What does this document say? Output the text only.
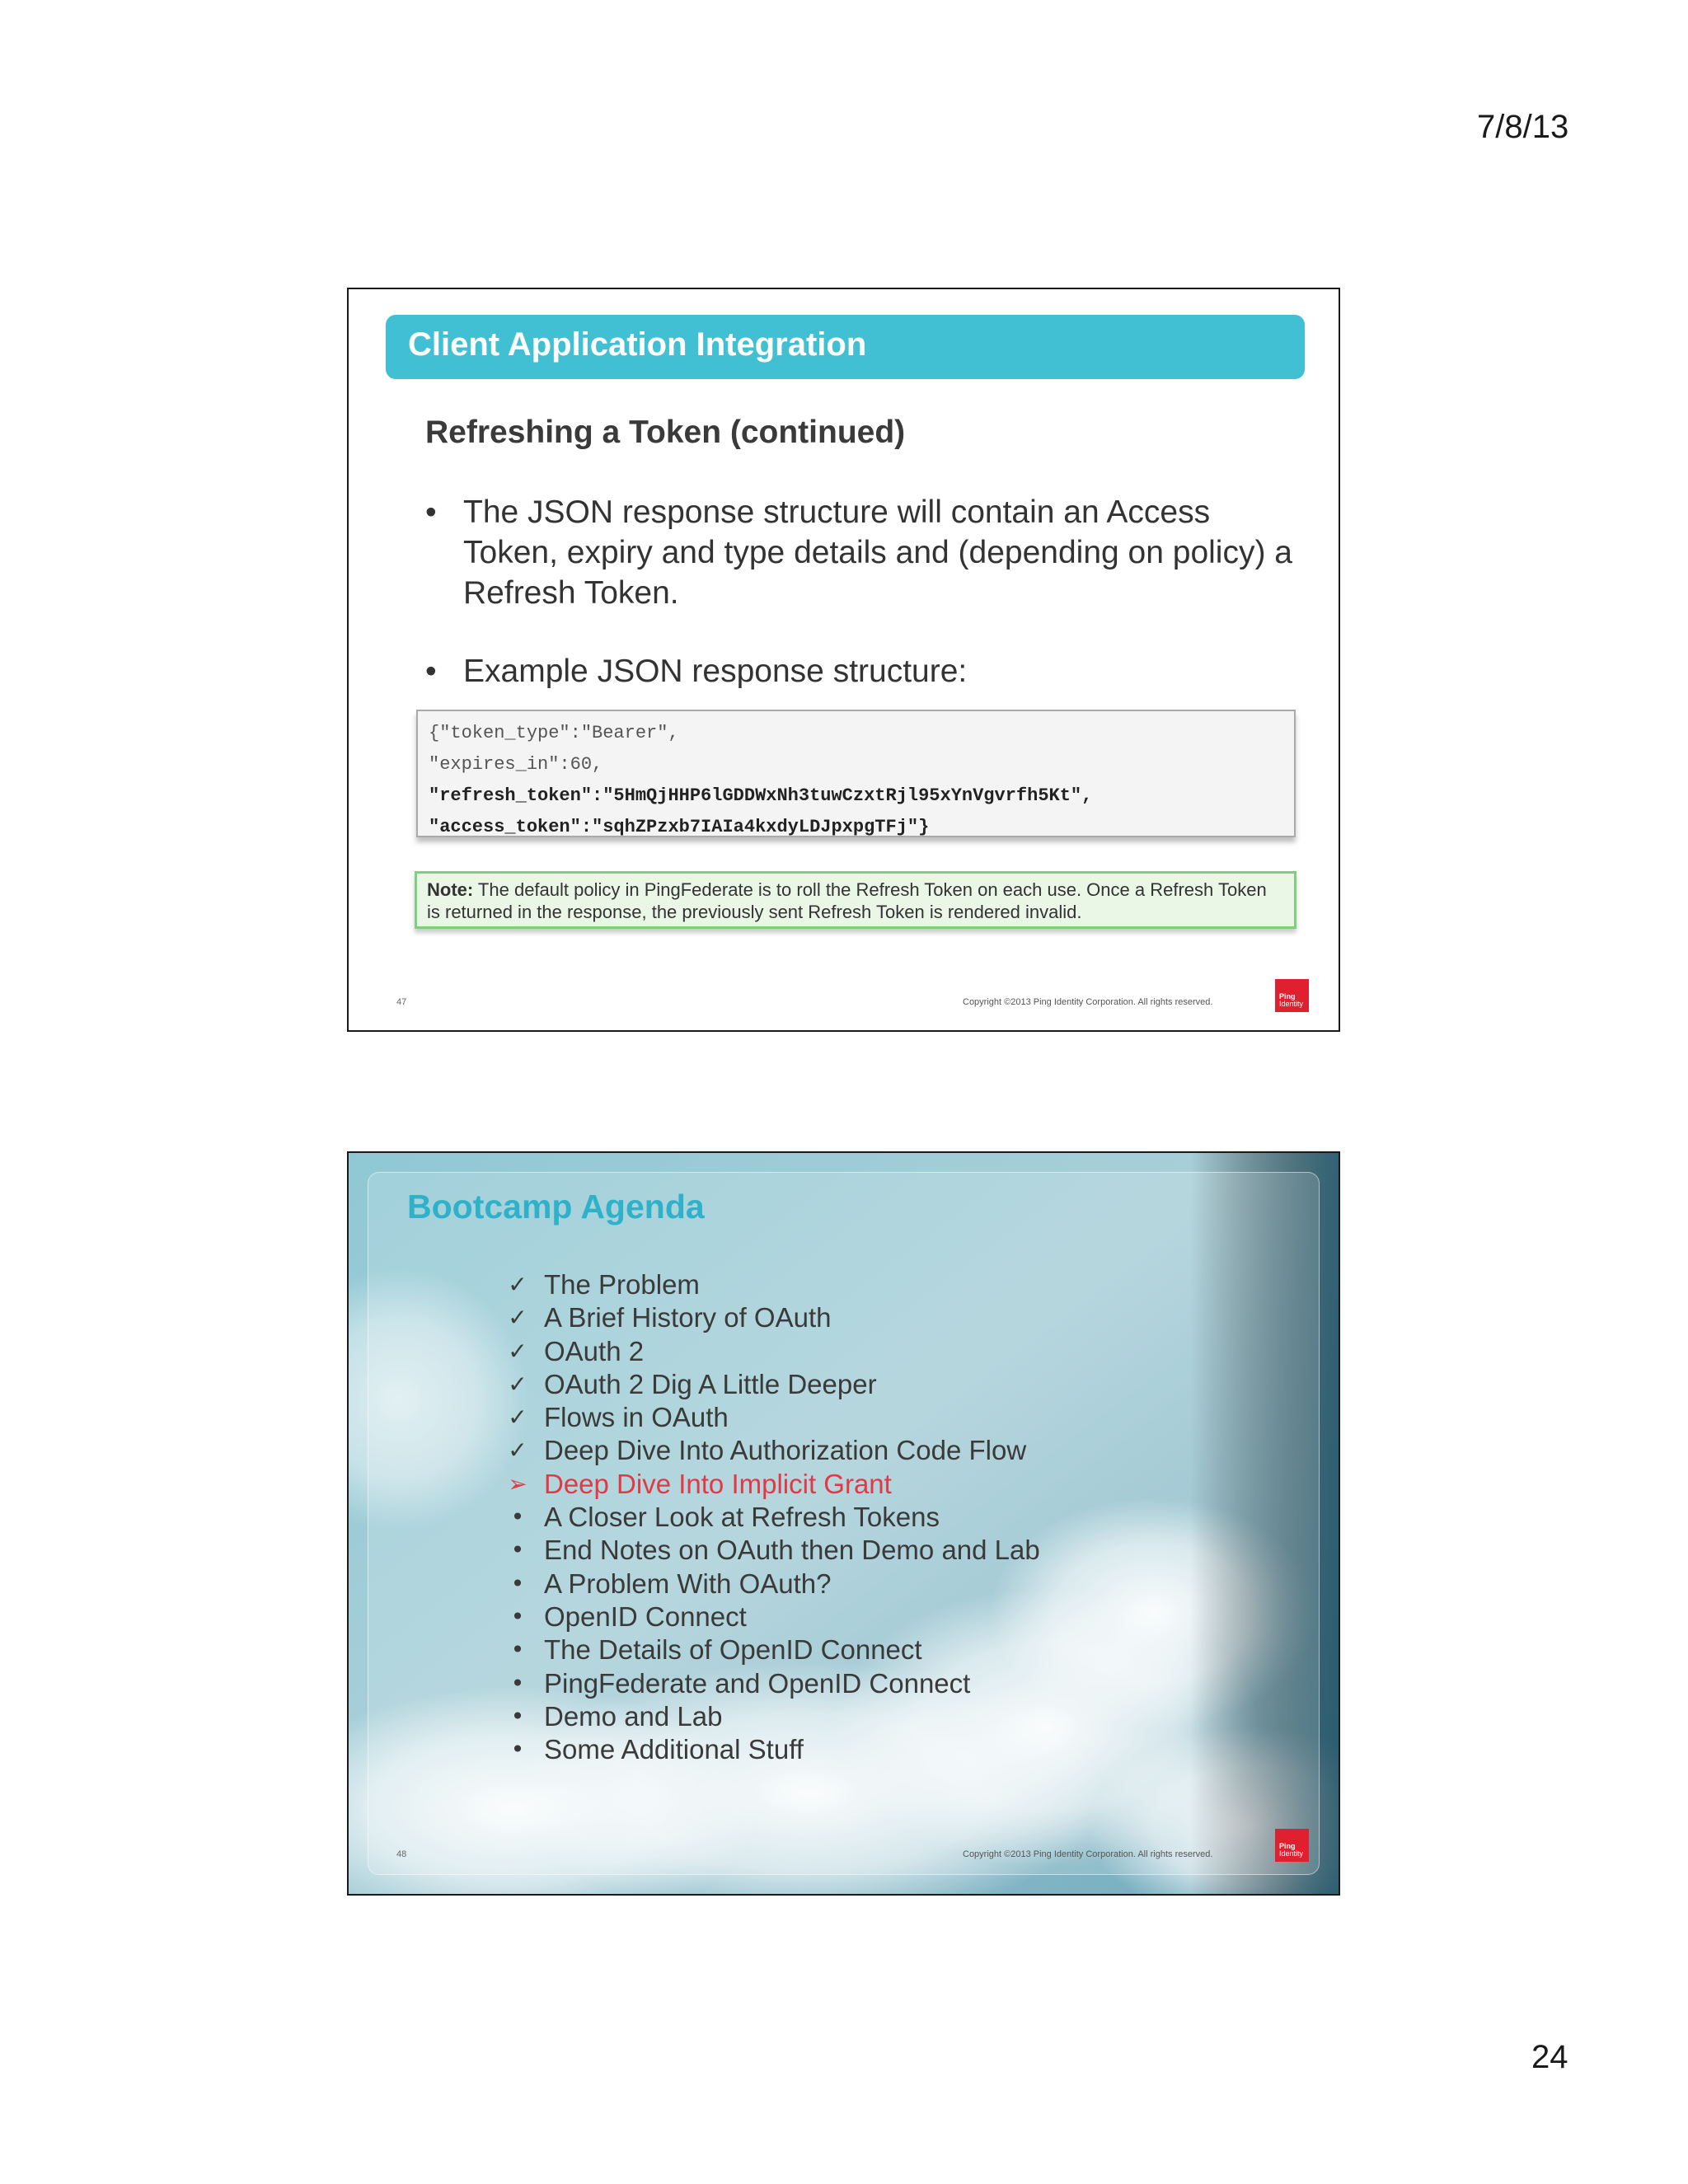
7/8/13
Client Application Integration
Refreshing a Token (continued)
• The JSON response structure will contain an Access Token, expiry and type details and (depending on policy) a Refresh Token.
• Example JSON response structure:
{"token_type":"Bearer",
"expires_in":60,
"refresh_token":"5HmQjHHP6lGDDWxNh3tuwCzxtRjl95xYnVgvrfh5Kt",
"access_token":"sqhZPzxb7IAIa4kxdyLDJpxpgTFj"}
Note: The default policy in PingFederate is to roll the Refresh Token on each use. Once a Refresh Token is returned in the response, the previously sent Refresh Token is rendered invalid.
47	Copyright ©2013 Ping Identity Corporation. All rights reserved.
Ping
Identity
Bootcamp Agenda
✓ The Problem
✓ A Brief History of OAuth
✓ OAuth 2
✓ OAuth 2 Dig A Little Deeper
✓ Flows in OAuth
✓ Deep Dive Into Authorization Code Flow
➢ Deep Dive Into Implicit Grant
• A Closer Look at Refresh Tokens
• End Notes on OAuth then Demo and Lab
• A Problem With OAuth?
• OpenID Connect
• The Details of OpenID Connect
• PingFederate and OpenID Connect
• Demo and Lab
• Some Additional Stuff
48	Copyright ©2013 Ping Identity Corporation. All rights reserved.
Ping
Identity
24
